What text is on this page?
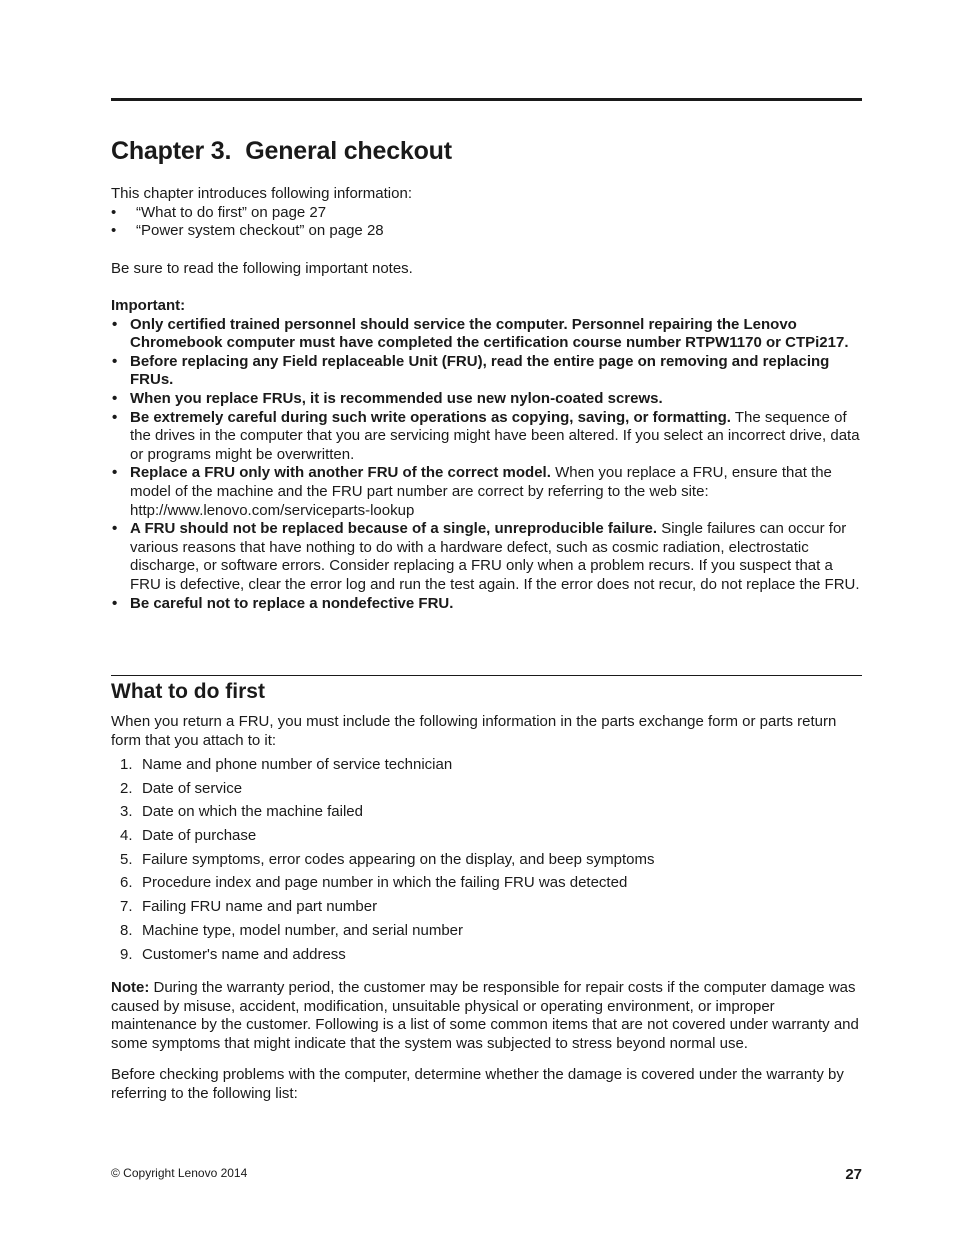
Chapter 3. General checkout

This chapter introduces following information:

• “What to do first” on page 27
• “Power system checkout” on page 28

Be sure to read the following important notes.

Important:

• Only certified trained personnel should service the computer. Personnel repairing the Lenovo Chromebook computer must have completed the certification course number RTPW1170 or CTPi217.
• Before replacing any Field replaceable Unit (FRU), read the entire page on removing and replacing FRUs.
• When you replace FRUs, it is recommended use new nylon-coated screws.
• Be extremely careful during such write operations as copying, saving, or formatting. The sequence of the drives in the computer that you are servicing might have been altered. If you select an incorrect drive, data or programs might be overwritten.
• Replace a FRU only with another FRU of the correct model. When you replace a FRU, ensure that the model of the machine and the FRU part number are correct by referring to the web site: http://www.lenovo.com/serviceparts-lookup
• A FRU should not be replaced because of a single, unreproducible failure. Single failures can occur for various reasons that have nothing to do with a hardware defect, such as cosmic radiation, electrostatic discharge, or software errors. Consider replacing a FRU only when a problem recurs. If you suspect that a FRU is defective, clear the error log and run the test again. If the error does not recur, do not replace the FRU.
• Be careful not to replace a nondefective FRU.
What to do first

When you return a FRU, you must include the following information in the parts exchange form or parts return form that you attach to it:

1. Name and phone number of service technician
2. Date of service
3. Date on which the machine failed
4. Date of purchase
5. Failure symptoms, error codes appearing on the display, and beep symptoms
6. Procedure index and page number in which the failing FRU was detected
7. Failing FRU name and part number
8. Machine type, model number, and serial number
9. Customer's name and address

Note: During the warranty period, the customer may be responsible for repair costs if the computer damage was caused by misuse, accident, modification, unsuitable physical or operating environment, or improper maintenance by the customer. Following is a list of some common items that are not covered under warranty and some symptoms that might indicate that the system was subjected to stress beyond normal use.

Before checking problems with the computer, determine whether the damage is covered under the warranty by referring to the following list:

© Copyright Lenovo 2014	27
